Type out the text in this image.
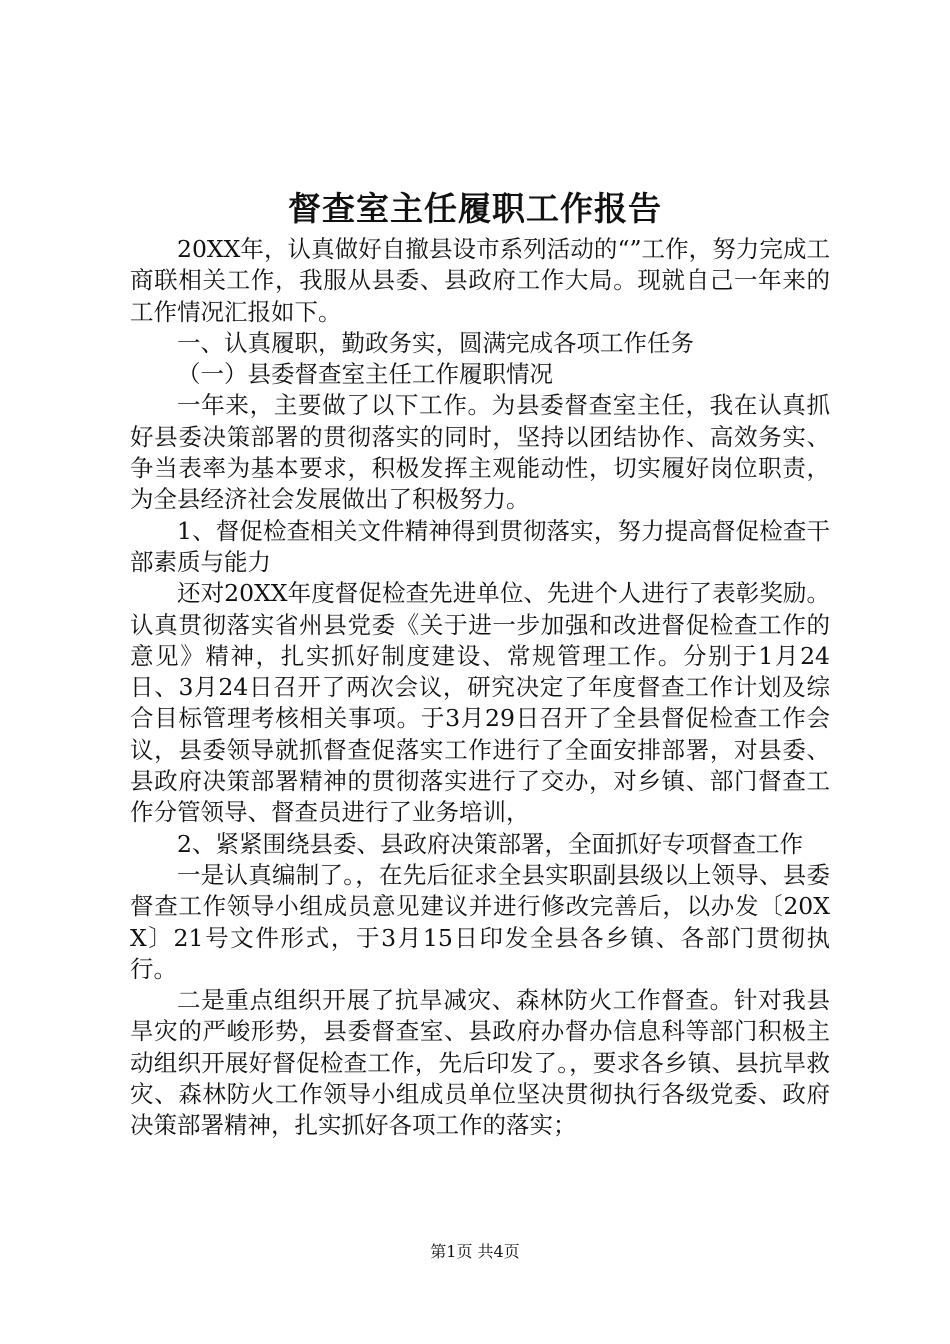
督查室主任履职工作报告

20XX年，认真做好自撤县设市系列活动的“”工作，努力完成工商联相关工作，我服从县委、县政府工作大局。现就自己一年来的工作情况汇报如下。

一、认真履职，勤政务实，圆满完成各项工作任务

（一）县委督查室主任工作履职情况

一年来，主要做了以下工作。为县委督查室主任，我在认真抓好县委决策部署的贯彻落实的同时，坚持以团结协作、高效务实、争当表率为基本要求，积极发挥主观能动性，切实履好岗位职责，为全县经济社会发展做出了积极努力。

1、督促检查相关文件精神得到贯彻落实，努力提高督促检查干部素质与能力

还对20XX年度督促检查先进单位、先进个人进行了表彰奖励。认真贯彻落实省州县党委《关于进一步加强和改进督促检查工作的意见》精神，扎实抓好制度建设、常规管理工作。分别于1月24日、3月24日召开了两次会议，研究决定了年度督查工作计划及综合目标管理考核相关事项。于3月29日召开了全县督促检查工作会议，县委领导就抓督查促落实工作进行了全面安排部署，对县委、县政府决策部署精神的贯彻落实进行了交办，对乡镇、部门督查工作分管领导、督查员进行了业务培训，

2、紧紧围绕县委、县政府决策部署，全面抓好专项督查工作

一是认真编制了。，在先后征求全县实职副县级以上领导、县委督查工作领导小组成员意见建议并进行修改完善后，以办发〔20XX〕21号文件形式，于3月15日印发全县各乡镇、各部门贯彻执行。

二是重点组织开展了抗旱减灾、森林防火工作督查。针对我县旱灾的严峻形势，县委督查室、县政府办督办信息科等部门积极主动组织开展好督促检查工作，先后印发了。，要求各乡镇、县抗旱救灾、森林防火工作领导小组成员单位坚决贯彻执行各级党委、政府决策部署精神，扎实抓好各项工作的落实；

第1页 共4页
